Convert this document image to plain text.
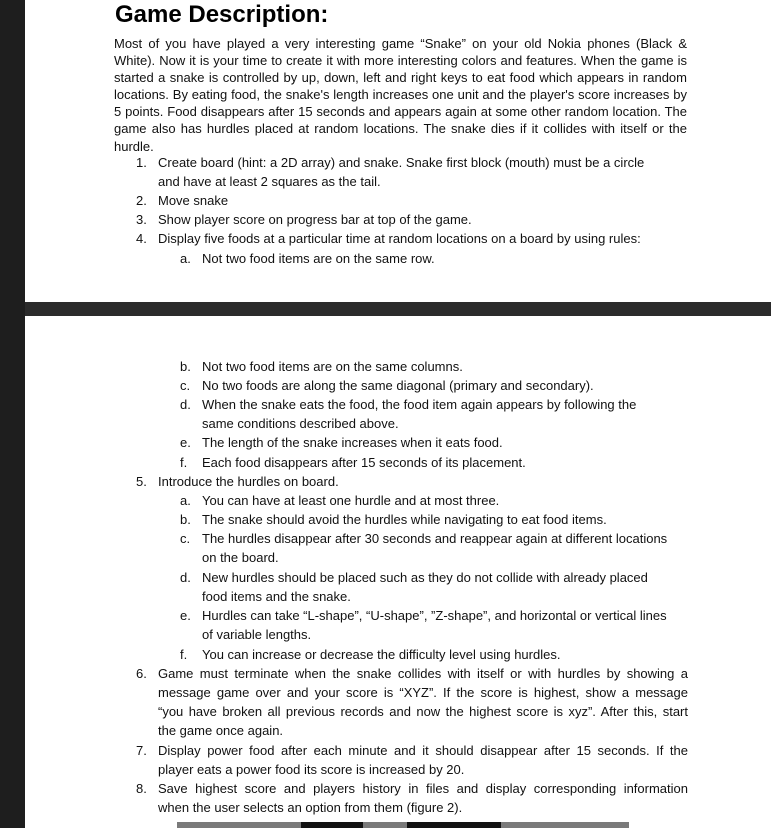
Game Description:

Most of you have played a very interesting game “Snake” on your old Nokia phones (Black & White). Now it is your time to create it with more interesting colors and features. When the game is started a snake is controlled by up, down, left and right keys to eat food which appears in random locations. By eating food, the snake's length increases one unit and the player's score increases by 5 points. Food disappears after 15 seconds and appears again at some other random location. The game also has hurdles placed at random locations. The snake dies if it collides with itself or the hurdle.

1. Create board (hint: a 2D array) and snake. Snake first block (mouth) must be a circle
and have at least 2 squares as the tail.
2. Move snake
3. Show player score on progress bar at top of the game.
4. Display five foods at a particular time at random locations on a board by using rules:
a. Not two food items are on the same row.
b. Not two food items are on the same columns.
c. No two foods are along the same diagonal (primary and secondary).
d. When the snake eats the food, the food item again appears by following the
same conditions described above.
e. The length of the snake increases when it eats food.
f. Each food disappears after 15 seconds of its placement.
5. Introduce the hurdles on board.
a. You can have at least one hurdle and at most three.
b. The snake should avoid the hurdles while navigating to eat food items.
c. The hurdles disappear after 30 seconds and reappear again at different locations
on the board.
d. New hurdles should be placed such as they do not collide with already placed
food items and the snake.
e. Hurdles can take “L-shape”, “U-shape”, ”Z-shape”, and horizontal or vertical lines
of variable lengths.
f. You can increase or decrease the difficulty level using hurdles.
6. Game must terminate when the snake collides with itself or with hurdles by showing a
message game over and your score is “XYZ”. If the score is highest, show a message
“you have broken all previous records and now the highest score is xyz”. After this, start
the game once again.
7. Display power food after each minute and it should disappear after 15 seconds. If the
player eats a power food its score is increased by 20.
8. Save highest score and players history in files and display corresponding information
when the user selects an option from them (figure 2).
